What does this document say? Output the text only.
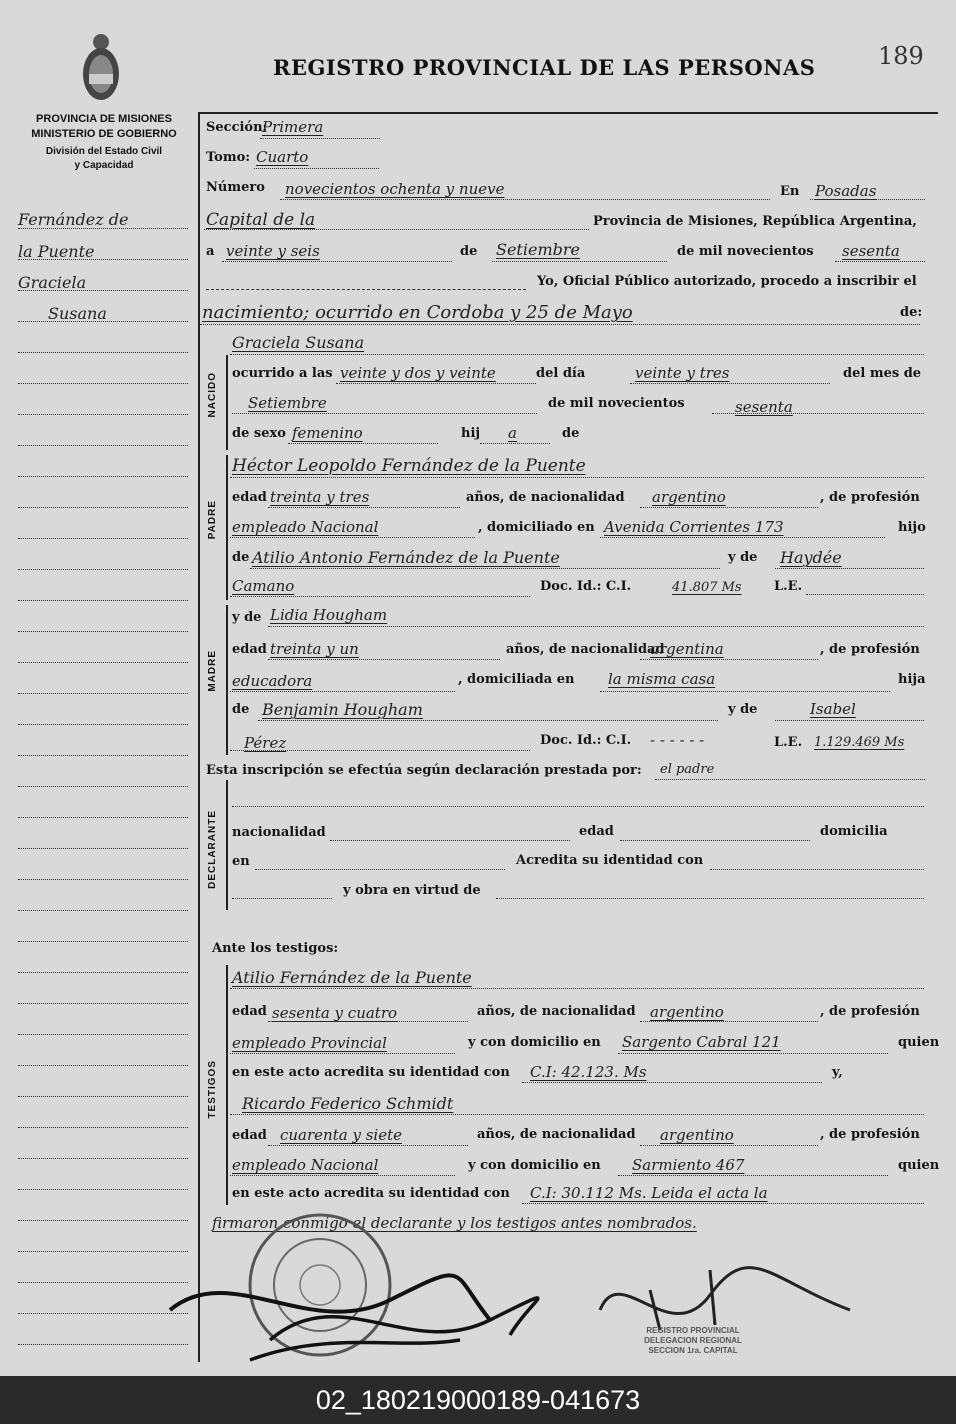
PROVINCIA DE MISIONES
MINISTERIO DE GOBIERNO
División del Estado Civil
y Capacidad
REGISTRO PROVINCIAL DE LAS PERSONAS	189
Fernández de
la Puente
Graciela
Susana
NACIDO
PADRE
MADRE
DECLARANTE
TESTIGOS
Sección:
Primera
Tomo: Cuarto
Número novecientos ochenta y nueve	En Posadas
Capital de la	Provincia de Misiones, República Argentina,
a veinte y seis	de Setiembre	de mil novecientos sesenta
Yo, Oficial Público autorizado, procedo a inscribir el
nacimiento; ocurrido en Cordoba y 25 de Mayo	de:
Graciela Susana
ocurrido a las veinte y dos y veinte	del día	veinte y tres	del mes de
Setiembre	de mil novecientos	sesenta
de sexo femenino	hij a	de
Héctor Leopoldo Fernández de la Puente
edad treinta y tres	años, de nacionalidad argentino	, de profesión
empleado Nacional	, domiciliado en Avenida Corrientes 173	hijo
de Atilio Antonio Fernández de la Puente	y de Haydée
Camano	Doc. Id.: C.I.	41.807 Ms L.E.
y de Lidia Hougham
edad treinta y un	años, de nacionalidad
argentina	, de profesión
educadora	, domiciliada en la misma casa	hija
de Benjamin Hougham	y de	Isabel
Pérez	Doc. Id.: C.I. - - - - - -	L.E. 1.129.469 Ms
Esta inscripción se efectúa según declaración prestada por: el padre
nacionalidad	edad	domicilia
en	Acredita su identidad con
y obra en virtud de
Ante los testigos:
Atilio Fernández de la Puente
edad sesenta y cuatro	años, de nacionalidad argentino	, de profesión
empleado Provincial	y con domicilio en Sargento Cabral 121	quien
en este acto acredita su identidad con C.I: 42.123. Ms	y,
Ricardo Federico Schmidt
edad cuarenta y siete	años, de nacionalidad argentino	, de profesión
empleado Nacional	y con domicilio en Sarmiento 467	quien
en este acto acredita su identidad con C.I: 30.112 Ms. Leida el acta la
firmaron conmigo el declarante y los testigos antes nombrados.
REGISTRO PROVINCIAL
DELEGACION REGIONAL
SECCION 1ra. CAPITAL
02_180219000189-041673
